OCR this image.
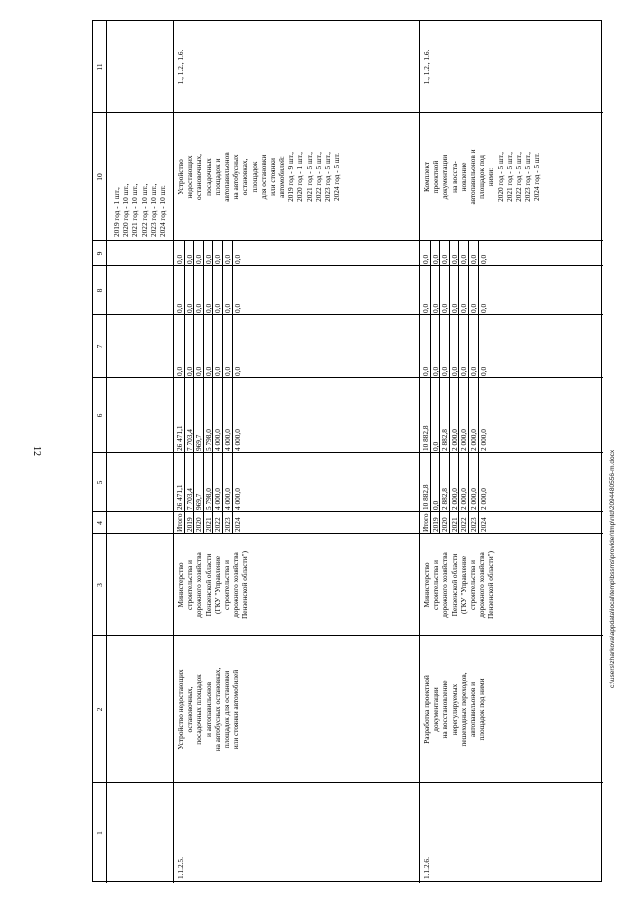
12	c:\users\zharkova\appdata\local\temp\bssms\provider\tmp\ntd\2094480556-m.docx
1
2
3
4
5
6
7
8
9
10
11
2019 год - 1 шт., 2020 год - 10 шт., 2021 год - 10 шт., 2022 год - 10 шт., 2023 год - 10 шт., 2024 год - 10 шт.
1.1.2.5.
Устройство недостающих остановочных, посадочных площадок и автопавильонов на автобусных остановках, площадок для остановки или стоянки автомобилей
Министерство строительства и дорожного хозяйства Пензенской области (ГКУ "Управление строительства и дорожного хозяйства Пензенской области")
Итого 2019 2020 2021 2022 2023 2024
26 471,1 7 703,4 969,7 5 798,0 4 000,0 4 000,0 4 000,0
26 471,1 7 703,4 969,7 5 798,0 4 000,0 4 000,0 4 000,0
0,0 0,0 0,0 0,0 0,0 0,0 0,0
0,0 0,0 0,0 0,0 0,0 0,0 0,0
0,0 0,0 0,0 0,0 0,0 0,0 0,0
Устройство недостающих остановочных, посадочных площадок и автопавильонов на автобусных остановках, площадок для остановки или стоянки автомобилей: 2019 год - 9 шт., 2020 год - 1 шт., 2021 год - 5 шт., 2022 год - 5 шт., 2023 год - 5 шт., 2024 год - 5 шт.
1., 1.2., 1.6.
1.1.2.6.
Разработка проектной документации на восстановление нерегулируемых пешеходных переходов, автопавильонов и площадок под ними
Министерство строительства и дорожного хозяйства Пензенской области (ГКУ "Управление строительства и дорожного хозяйства Пензенской области")
Итого 2019 2020 2021 2022 2023 2024
10 882,8 0,0 2 882,8 2 000,0 2 000,0 2 000,0 2 000,0
10 882,8 0,0 2 882,8 2 000,0 2 000,0 2 000,0 2 000,0
0,0 0,0 0,0 0,0 0,0 0,0 0,0
0,0 0,0 0,0 0,0 0,0 0,0 0,0
0,0 0,0 0,0 0,0 0,0 0,0 0,0
Комплект проектной документации на восста- новление автопавильонов и площадок под ними: 2020 год - 5 шт., 2021 год - 5 шт., 2022 год - 5 шт., 2023 год - 5 шт., 2024 год - 5 шт.
1., 1.2., 1.6.
